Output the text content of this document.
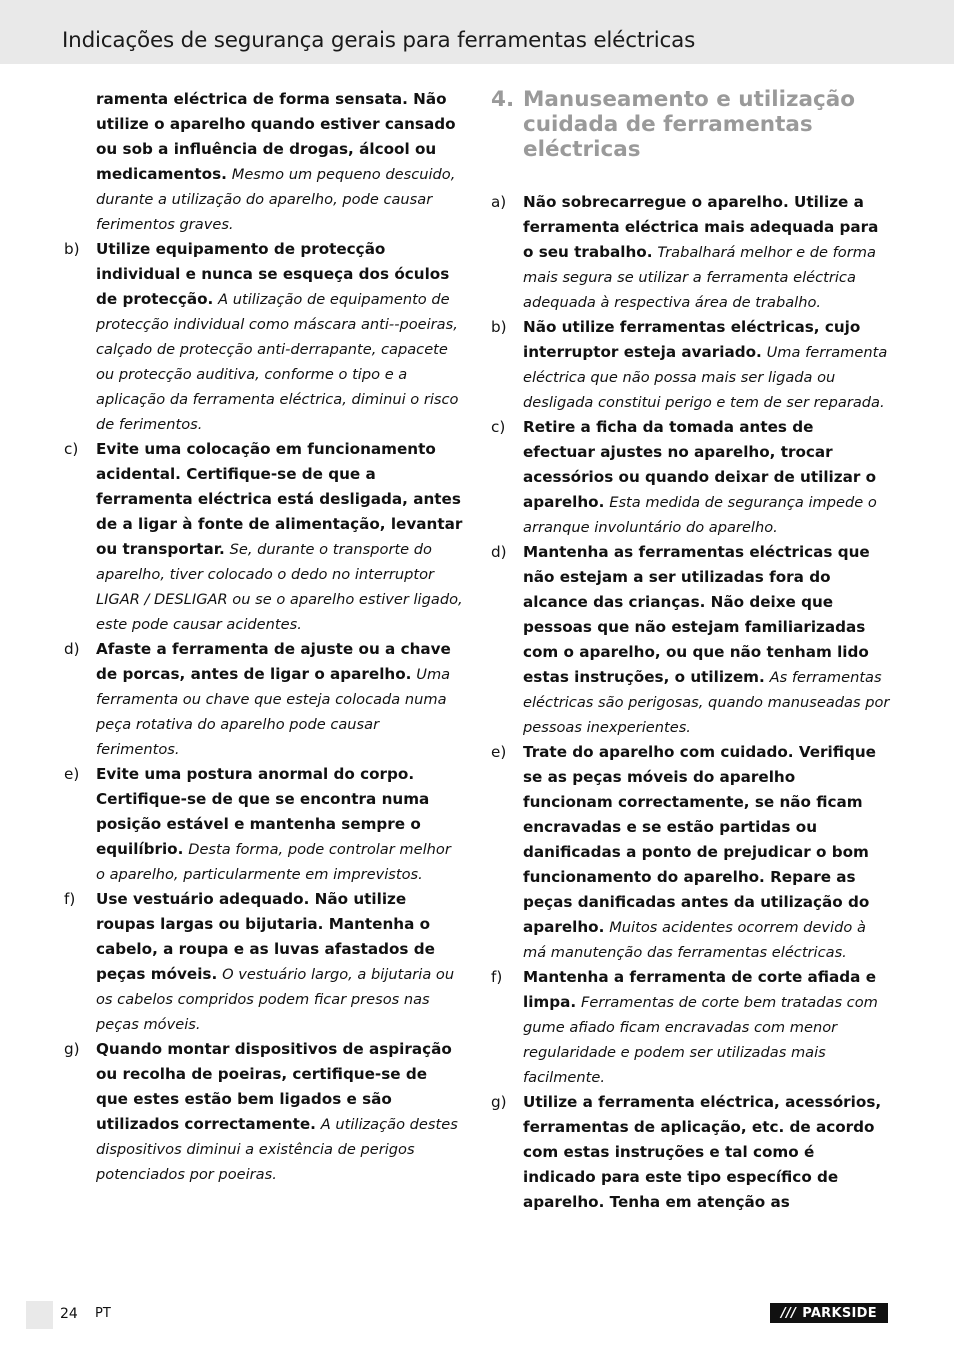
Indicações de segurança gerais para ferramentas eléctricas

ramenta eléctrica de forma sensata. Não utilize o aparelho quando estiver cansado ou sob a influência de drogas, álcool ou medicamentos. Mesmo um pequeno descuido, durante a utilização do aparelho, pode causar ferimentos graves.

b) Utilize equipamento de protecção individual e nunca se esqueça dos óculos de protecção. A utilização de equipamento de protecção individual como máscara anti--poeiras, calçado de protecção anti-derrapante, capacete ou protecção auditiva, conforme o tipo e a aplicação da ferramenta eléctrica, diminui o risco de ferimentos.

c) Evite uma colocação em funcionamento acidental. Certifique-se de que a ferramenta eléctrica está desligada, antes de a ligar à fonte de alimentação, levantar ou transportar. Se, durante o transporte do aparelho, tiver colocado o dedo no interruptor LIGAR / DESLIGAR ou se o aparelho estiver ligado, este pode causar acidentes.

d) Afaste a ferramenta de ajuste ou a chave de porcas, antes de ligar o aparelho. Uma ferramenta ou chave que esteja colocada numa peça rotativa do aparelho pode causar ferimentos.

e) Evite uma postura anormal do corpo. Certifique-se de que se encontra numa posição estável e mantenha sempre o equilíbrio. Desta forma, pode controlar melhor o aparelho, particularmente em imprevistos.

f) Use vestuário adequado. Não utilize roupas largas ou bijutaria. Mantenha o cabelo, a roupa e as luvas afastados de peças móveis. O vestuário largo, a bijutaria ou os cabelos compridos podem ficar presos nas peças móveis.

g) Quando montar dispositivos de aspiração ou recolha de poeiras, certifique-se de que estes estão bem ligados e são utilizados correctamente. A utilização destes dispositivos diminui a existência de perigos potenciados por poeiras.

4. Manuseamento e utilização cuidada de ferramentas eléctricas

a) Não sobrecarregue o aparelho. Utilize a ferramenta eléctrica mais adequada para o seu trabalho. Trabalhará melhor e de forma mais segura se utilizar a ferramenta eléctrica adequada à respectiva área de trabalho.

b) Não utilize ferramentas eléctricas, cujo interruptor esteja avariado. Uma ferramenta eléctrica que não possa mais ser ligada ou desligada constitui perigo e tem de ser reparada.

c) Retire a ficha da tomada antes de efectuar ajustes no aparelho, trocar acessórios ou quando deixar de utilizar o aparelho. Esta medida de segurança impede o arranque involuntário do aparelho.

d) Mantenha as ferramentas eléctricas que não estejam a ser utilizadas fora do alcance das crianças. Não deixe que pessoas que não estejam familiarizadas com o aparelho, ou que não tenham lido estas instruções, o utilizem. As ferramentas eléctricas são perigosas, quando manuseadas por pessoas inexperientes.

e) Trate do aparelho com cuidado. Verifique se as peças móveis do aparelho funcionam correctamente, se não ficam encravadas e se estão partidas ou danificadas a ponto de prejudicar o bom funcionamento do aparelho. Repare as peças danificadas antes da utilização do aparelho. Muitos acidentes ocorrem devido à má manutenção das ferramentas eléctricas.

f) Mantenha a ferramenta de corte afiada e limpa. Ferramentas de corte bem tratadas com gume afiado ficam encravadas com menor regularidade e podem ser utilizadas mais facilmente.

g) Utilize a ferramenta eléctrica, acessórios, ferramentas de aplicação, etc. de acordo com estas instruções e tal como é indicado para este tipo específico de aparelho. Tenha em atenção as

24 PT	/// PARKSIDE
